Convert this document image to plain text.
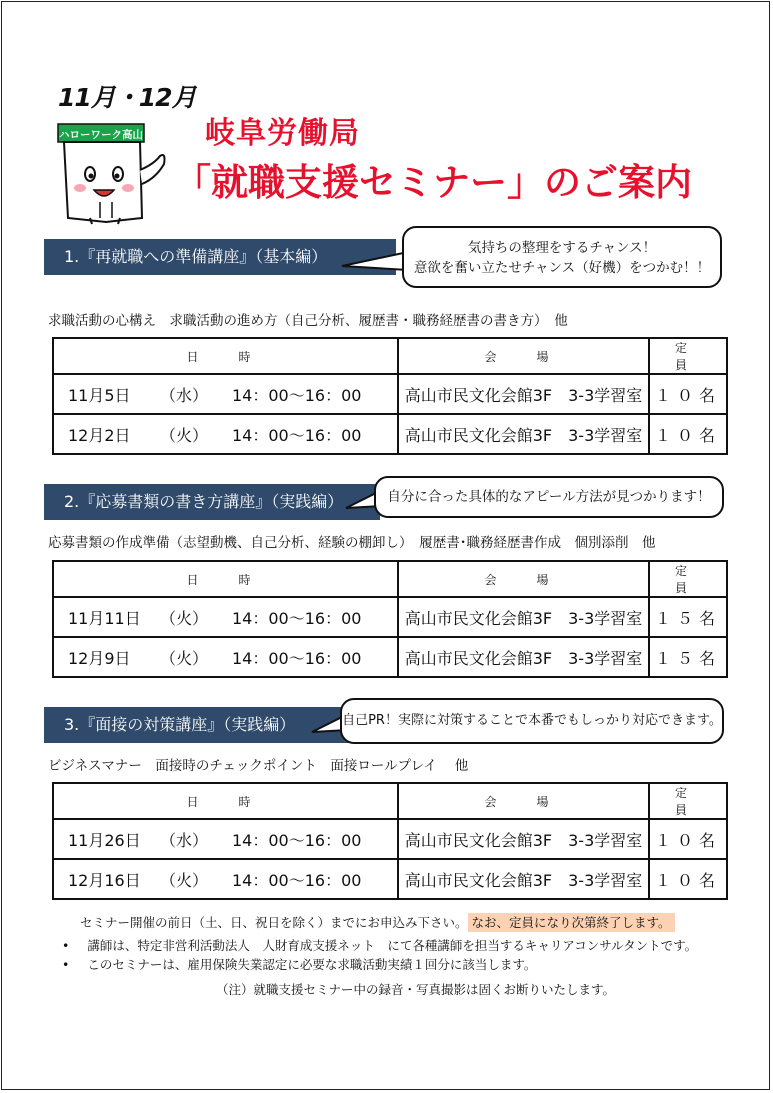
11月・12月
ハローワーク高山 岐阜労働局
「就職支援セミナー」のご案内
1.『再就職への準備講座』（基本編）	気持ちの整理をするチャンス！
意欲を奮い立たせチャンス（好機）をつかむ！！
求職活動の心構え　求職活動の進め方（自己分析、履歴書・職務経歴書の書き方）　他
日　時	会　場	定　員
11月5日 （水） 14：00～16：00	高山市民文化会館3F　3-3学習室	１０名
12月2日 （火） 14：00～16：00	高山市民文化会館3F　3-3学習室	１０名
2.『応募書類の書き方講座』（実践編）	自分に合った具体的なアピール方法が見つかります！
応募書類の作成準備（志望動機、自己分析、経験の棚卸し）　履歴書･職務経歴書作成　個別添削　他
日　時	会　場	定　員
11月11日 （火） 14：00～16：00	高山市民文化会館3F　3-3学習室	１５名
12月9日 （火） 14：00～16：00	高山市民文化会館3F　3-3学習室	１５名
3.『面接の対策講座』（実践編）	自己PR！実際に対策することで本番でもしっかり対応できます。
ビジネスマナー　面接時のチェックポイント　面接ロールプレイ　 他
日　時	会　場	定　員
11月26日 （水） 14：00～16：00	高山市民文化会館3F　3-3学習室	１０名
12月16日 （火） 14：00～16：00	高山市民文化会館3F　3-3学習室	１０名
セミナー開催の前日（土、日、祝日を除く）までにお申込み下さい。 なお、定員になり次第終了します。
• 講師は、特定非営利活動法人　人財育成支援ネット　にて各種講師を担当するキャリアコンサルタントです。
• このセミナーは、雇用保険失業認定に必要な求職活動実績１回分に該当します。
（注）就職支援セミナー中の録音・写真撮影は固くお断りいたします。
